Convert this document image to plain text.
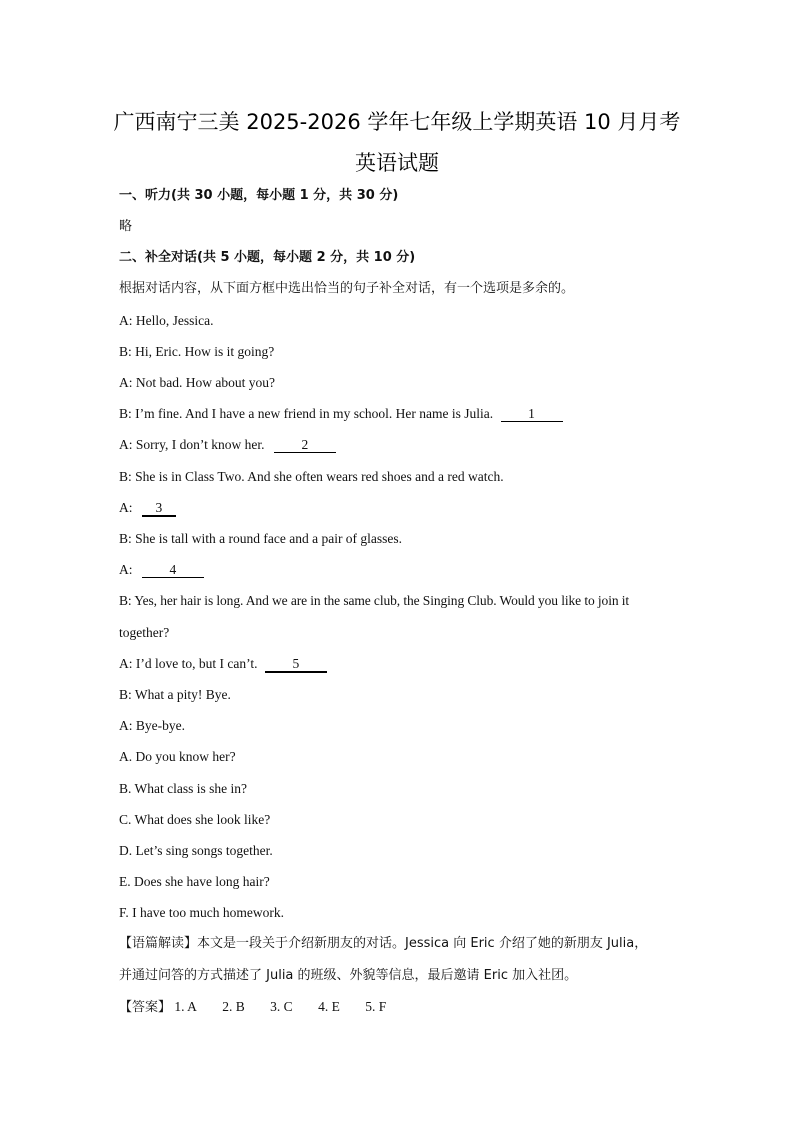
广西南宁三美 2025-2026 学年七年级上学期英语 10 月月考
英语试题
一、听力(共 30 小题，每小题 1 分，共 30 分)
略
二、补全对话(共 5 小题，每小题 2 分，共 10 分)
根据对话内容，从下面方框中选出恰当的句子补全对话，有一个选项是多余的。
A: Hello, Jessica.
B: Hi, Eric. How is it going?
A: Not bad. How about you?
B: I’m fine. And I have a new friend in my school. Her name is Julia.	1
A: Sorry, I don’t know her.	2
B: She is in Class Two. And she often wears red shoes and a red watch.
A: 3
B: She is tall with a round face and a pair of glasses.
A:	4
B: Yes, her hair is long. And we are in the same club, the Singing Club. Would you like to join it
together?
A: I’d love to, but I can’t.	5
B: What a pity! Bye.
A: Bye-bye.
A. Do you know her?
B. What class is she in?
C. What does she look like?
D. Let’s sing songs together.
E. Does she have long hair?
F. I have too much homework.
【语篇解读】本文是一段关于介绍新朋友的对话。Jessica 向 Eric 介绍了她的新朋友 Julia，
并通过问答的方式描述了 Julia 的班级、外貌等信息，最后邀请 Eric 加入社团。
【答案】 1. A 2. B 3. C 4. E 5. F
